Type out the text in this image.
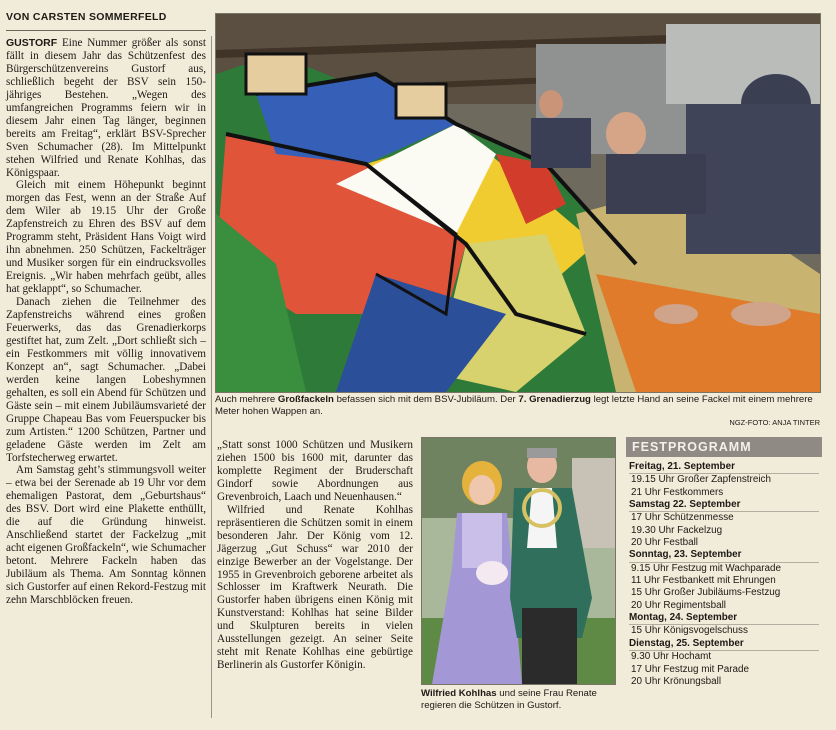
VON CARSTEN SOMMERFELD

GUSTORF Eine Nummer größer als sonst fällt in diesem Jahr das Schützenfest des Bürgerschützenvereins Gustorf aus, schließlich begeht der BSV sein 150-jähriges Bestehen. „Wegen des umfangreichen Programms feiern wir in diesem Jahr einen Tag länger, beginnen bereits am Freitag“, erklärt BSV-Sprecher Sven Schumacher (28). Im Mittelpunkt stehen Wilfried und Renate Kohlhas, das Königspaar.

Gleich mit einem Höhepunkt beginnt morgen das Fest, wenn an der Straße Auf dem Wiler ab 19.15 Uhr der Große Zapfenstreich zu Ehren des BSV auf dem Programm steht, Präsident Hans Voigt wird ihn abnehmen. 250 Schützen, Fackelträger und Musiker sorgen für ein eindrucksvolles Ereignis. „Wir haben mehrfach geübt, alles hat geklappt“, so Schumacher.

Danach ziehen die Teilnehmer des Zapfenstreichs während eines großen Feuerwerks, das das Grenadierkorps gestiftet hat, zum Zelt. „Dort schließt sich – ein Festkommers mit völlig innovativem Konzept an“, sagt Schumacher. „Dabei werden keine langen Lobeshymnen gehalten, es soll ein Abend für Schützen und Gäste sein – mit einem Jubiläumsvarieté der Gruppe Chapeau Bas vom Feuerspucker bis zum Artisten.“ 1200 Schützen, Partner und geladene Gäste werden im Zelt am Torfstecherweg erwartet.

Am Samstag geht’s stimmungsvoll weiter – etwa bei der Serenade ab 19 Uhr vor dem ehemaligen Pastorat, dem „Geburtshaus“ des BSV. Dort wird eine Plakette enthüllt, die auf die Gründung hinweist. Anschließend startet der Fackelzug „mit acht eigenen Großfackeln“, wie Schumacher betont. Mehrere Fackeln haben das Jubiläum als Thema. Am Sonntag können sich Gustorfer auf einen Rekord-Festzug mit zehn Marschblöcken freuen.

Auch mehrere Großfackeln befassen sich mit dem BSV-Jubiläum. Der 7. Grenadierzug legt letzte Hand an seine Fackel mit einem mehrere Meter hohen Wappen an.
NGZ-FOTO: ANJA TINTER

„Statt sonst 1000 Schützen und Musikern ziehen 1500 bis 1600 mit, darunter das komplette Regiment der Bruderschaft Gindorf sowie Abordnungen aus Grevenbroich, Laach und Neuenhausen.“

Wilfried und Renate Kohlhas repräsentieren die Schützen somit in einem besonderen Jahr. Der König vom 12. Jägerzug „Gut Schuss“ war 2010 der einzige Bewerber an der Vogelstange. Der 1955 in Grevenbroich geborene arbeitet als Schlosser im Kraftwerk Neurath. Die Gustorfer haben übrigens einen König mit Kunstverstand: Kohlhas hat seine Bilder und Skulpturen bereits in vielen Ausstellungen gezeigt. An seiner Seite steht mit Renate Kohlhas eine gebürtige Berlinerin als Gustorfer Königin.

Wilfried Kohlhas und seine Frau Renate regieren die Schützen in Gustorf.
FESTPROGRAMM
Freitag, 21. September
19.15 Uhr Großer Zapfenstreich
21 Uhr Festkommers
Samstag 22. September
17 Uhr Schützenmesse
19.30 Uhr Fackelzug
20 Uhr Festball
Sonntag, 23. September
9.15 Uhr Festzug mit Wachparade
11 Uhr Festbankett mit Ehrungen
15 Uhr Großer Jubiläums-Festzug
20 Uhr Regimentsball
Montag, 24. September
15 Uhr Königsvogelschuss
Dienstag, 25. September
9.30 Uhr Hochamt
17 Uhr Festzug mit Parade
20 Uhr Krönungsball
